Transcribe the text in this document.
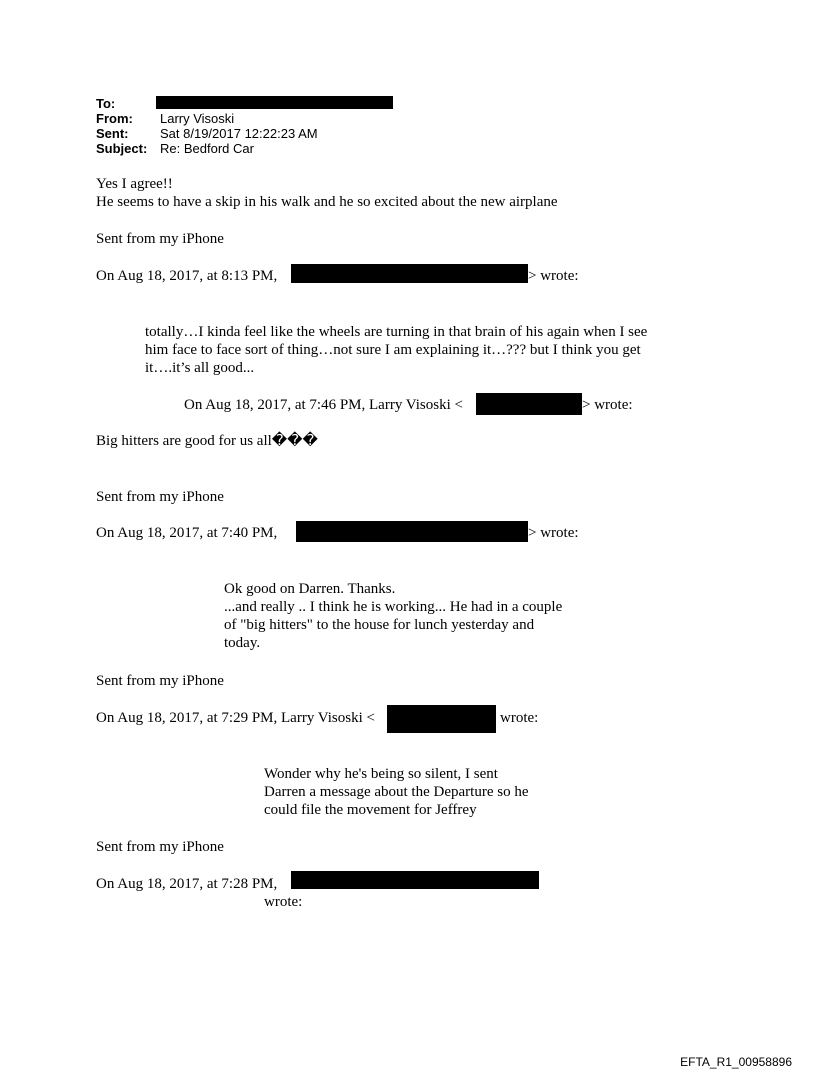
To:
From: Larry Visoski
Sent: Sat 8/19/2017 12:22:23 AM
Subject: Re: Bedford Car
Yes I agree!!
He seems to have a skip in his walk and he so excited about the new airplane
Sent from my iPhone
On Aug 18, 2017, at 8:13 PM,	> wrote:
totally…I kinda feel like the wheels are turning in that brain of his again when I see
him face to face sort of thing…not sure I am explaining it…??? but I think you get
it….it’s all good...
On Aug 18, 2017, at 7:46 PM, Larry Visoski <	> wrote:
Big hitters are good for us all���
Sent from my iPhone
On Aug 18, 2017, at 7:40 PM,	> wrote:
Ok good on Darren. Thanks.
...and really .. I think he is working... He had in a couple
of "big hitters" to the house for lunch yesterday and
today.
Sent from my iPhone
On Aug 18, 2017, at 7:29 PM, Larry Visoski <	wrote:
Wonder why he's being so silent, I sent
Darren a message about the Departure so he
could file the movement for Jeffrey
Sent from my iPhone
On Aug 18, 2017, at 7:28 PM,
wrote:
EFTA_R1_00958896
